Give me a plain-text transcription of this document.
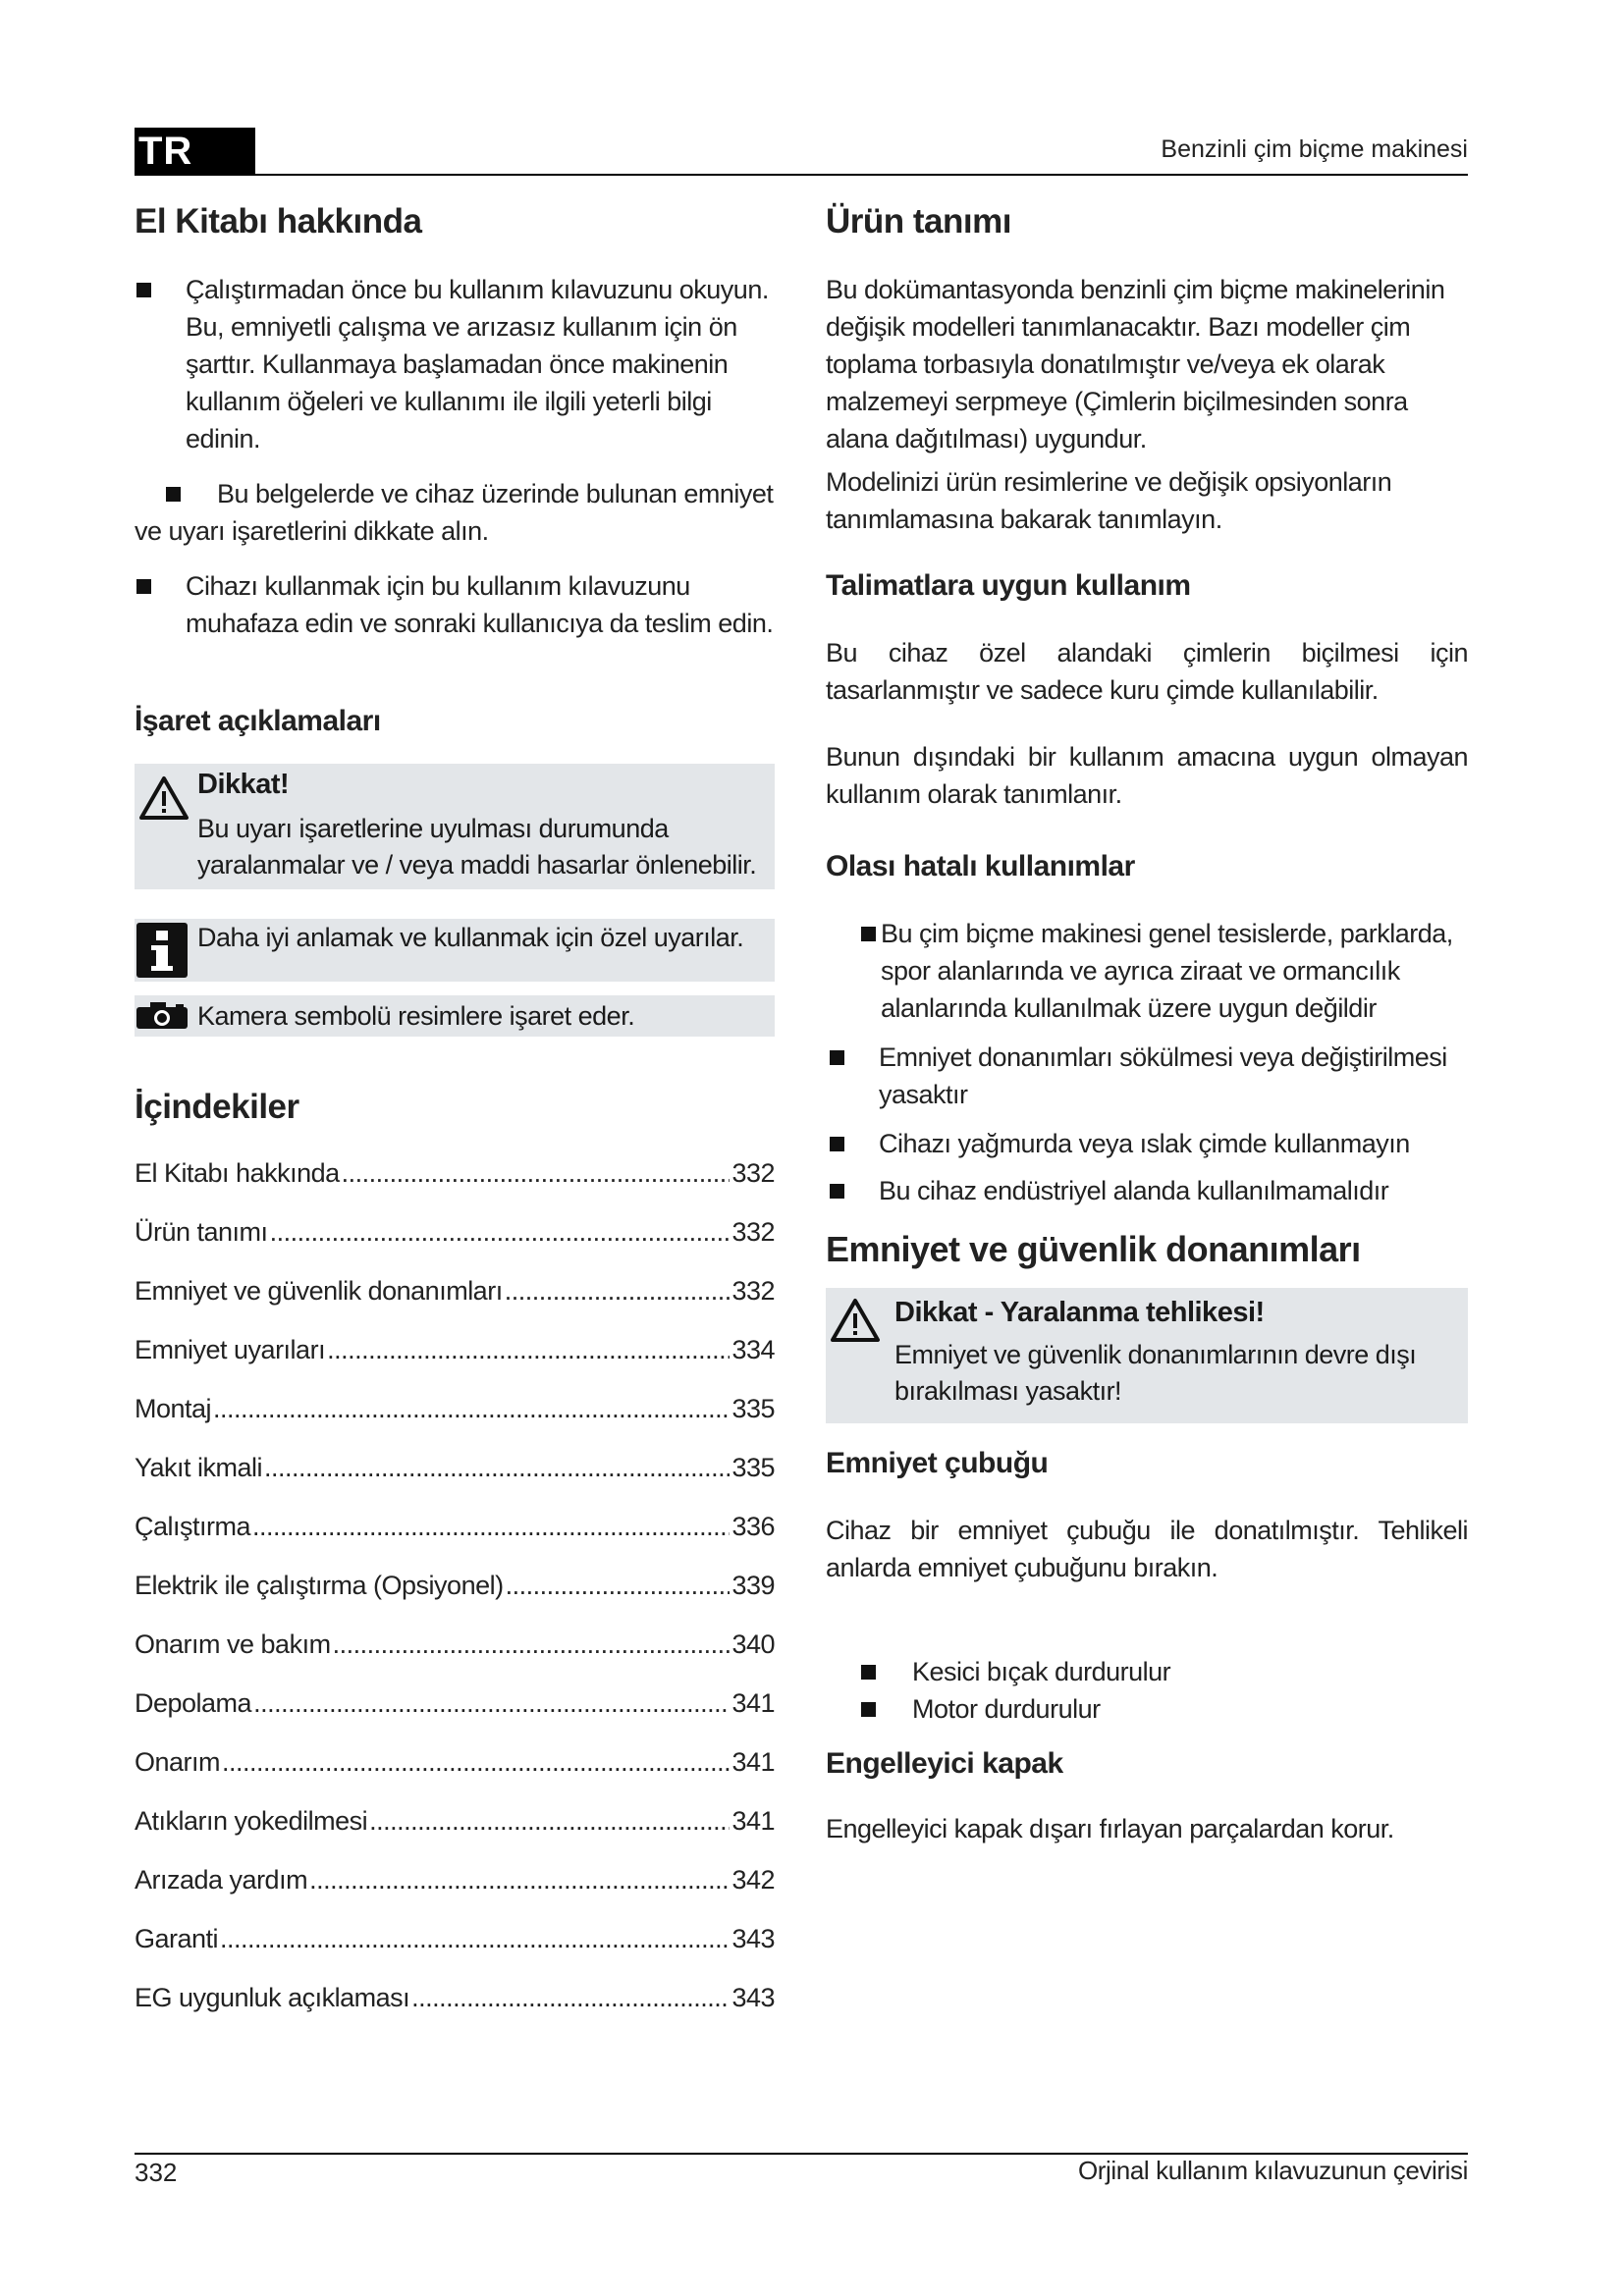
TR	Benzinli çim biçme makinesi
El Kitabı hakkında
Çalıştırmadan önce bu kullanım kılavuzunu okuyun. Bu, emniyetli çalışma ve arızasız kullanım için ön şarttır. Kullanmaya başlamadan önce makinenin kullanım öğeleri ve kullanımı ile ilgili yeterli bilgi edinin.
Bu belgelerde ve cihaz üzerinde bulunan emniyet ve uyarı işaretlerini dikkate alın.
Cihazı kullanmak için bu kullanım kılavuzunu muhafaza edin ve sonraki kullanıcıya da teslim edin.
İşaret açıklamaları
Dikkat!
Bu uyarı işaretlerine uyulması durumunda yaralanmalar ve / veya maddi hasarlar önlenebilir.
Daha iyi anlamak ve kullanmak için özel uyarılar.
Kamera sembolü resimlere işaret eder.
İçindekiler
El Kitabı hakkında .....	332
Ürün tanımı .....	332
Emniyet ve güvenlik donanımları .....	332
Emniyet uyarıları .....	334
Montaj .....	335
Yakıt ikmali .....	335
Çalıştırma .....	336
Elektrik ile çalıştırma (Opsiyonel) .....	339
Onarım ve bakım .....	340
Depolama .....	341
Onarım .....	341
Atıkların yokedilmesi .....	341
Arızada yardım .....	342
Garanti .....	343
EG uygunluk açıklaması .....	343
Ürün tanımı
Bu dokümantasyonda benzinli çim biçme makinelerinin değişik modelleri tanımlanacaktır. Bazı modeller çim toplama torbasıyla donatılmıştır ve/veya ek olarak malzemeyi serpmeye (Çimlerin biçilmesinden sonra alana dağıtılması) uygundur.
Modelinizi ürün resimlerine ve değişik opsiyonların tanımlamasına bakarak tanımlayın.
Talimatlara uygun kullanım
Bu cihaz özel alandaki çimlerin biçilmesi için tasarlanmıştır ve sadece kuru çimde kullanılabilir.
Bunun dışındaki bir kullanım amacına uygun olmayan kullanım olarak tanımlanır.
Olası hatalı kullanımlar
Bu çim biçme makinesi genel tesislerde, parklarda, spor alanlarında ve ayrıca ziraat ve ormancılık alanlarında kullanılmak üzere uygun değildir
Emniyet donanımları sökülmesi veya değiştirilmesi yasaktır
Cihazı yağmurda veya ıslak çimde kullanmayın
Bu cihaz endüstriyel alanda kullanılmamalıdır
Emniyet ve güvenlik donanımları
Dikkat - Yaralanma tehlikesi!
Emniyet ve güvenlik donanımlarının devre dışı bırakılması yasaktır!
Emniyet çubuğu
Cihaz bir emniyet çubuğu ile donatılmıştır. Tehlikeli anlarda emniyet çubuğunu bırakın.
Kesici bıçak durdurulur
Motor durdurulur
Engelleyici kapak
Engelleyici kapak dışarı fırlayan parçalardan korur.
332	Orjinal kullanım kılavuzunun çevirisi
